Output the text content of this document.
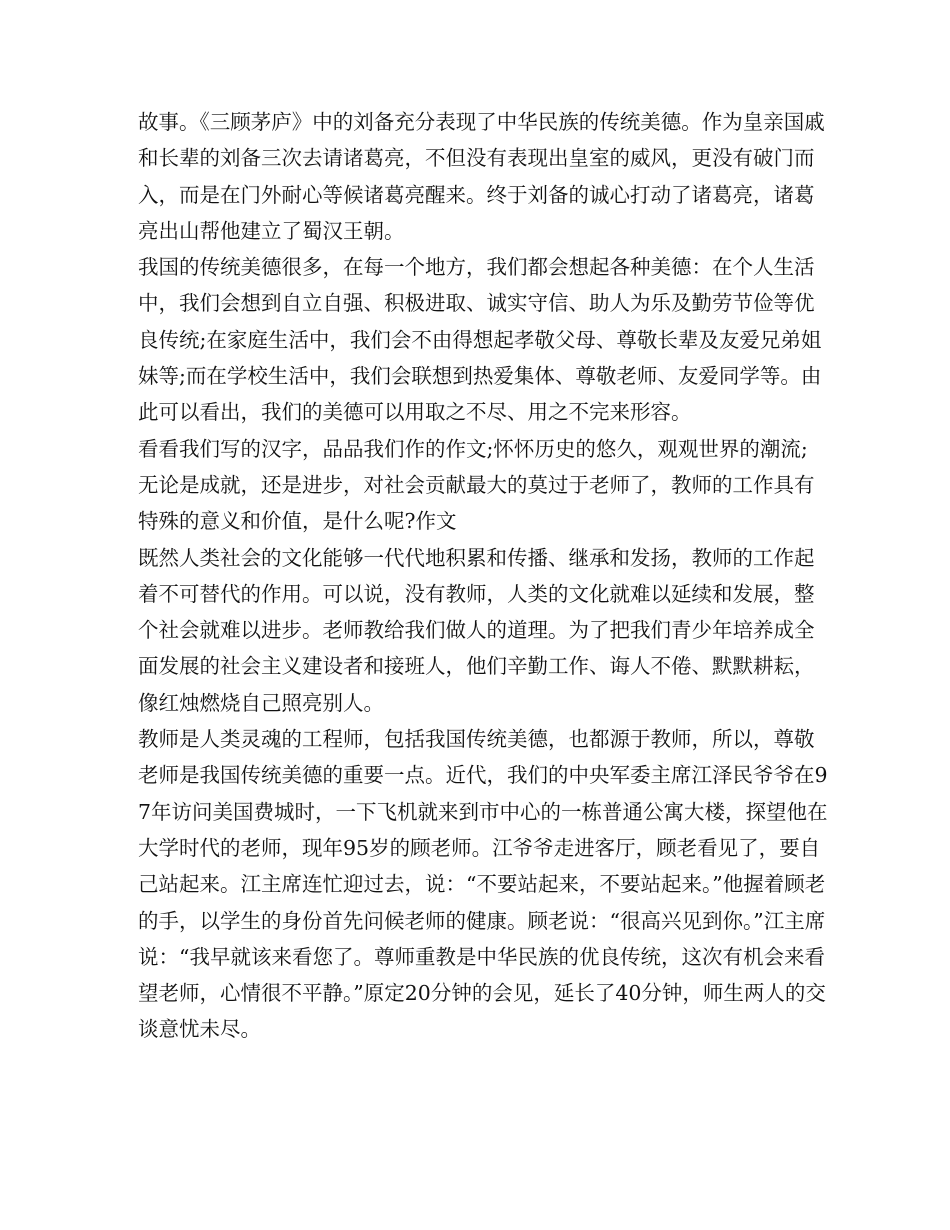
故事。《三顾茅庐》中的刘备充分表现了中华民族的传统美德。作为皇亲国戚和长辈的刘备三次去请诸葛亮，不但没有表现出皇室的威风，更没有破门而入，而是在门外耐心等候诸葛亮醒来。终于刘备的诚心打动了诸葛亮，诸葛亮出山帮他建立了蜀汉王朝。

我国的传统美德很多，在每一个地方，我们都会想起各种美德：在个人生活中，我们会想到自立自强、积极进取、诚实守信、助人为乐及勤劳节俭等优良传统;在家庭生活中，我们会不由得想起孝敬父母、尊敬长辈及友爱兄弟姐妹等;而在学校生活中，我们会联想到热爱集体、尊敬老师、友爱同学等。由此可以看出，我们的美德可以用取之不尽、用之不完来形容。

看看我们写的汉字，品品我们作的作文;怀怀历史的悠久，观观世界的潮流;无论是成就，还是进步，对社会贡献最大的莫过于老师了，教师的工作具有特殊的意义和价值，是什么呢?作文

既然人类社会的文化能够一代代地积累和传播、继承和发扬，教师的工作起着不可替代的作用。可以说，没有教师，人类的文化就难以延续和发展，整个社会就难以进步。老师教给我们做人的道理。为了把我们青少年培养成全面发展的社会主义建设者和接班人，他们辛勤工作、诲人不倦、默默耕耘，像红烛燃烧自己照亮别人。

教师是人类灵魂的工程师，包括我国传统美德，也都源于教师，所以，尊敬老师是我国传统美德的重要一点。近代，我们的中央军委主席江泽民爷爷在97年访问美国费城时，一下飞机就来到市中心的一栋普通公寓大楼，探望他在大学时代的老师，现年95岁的顾老师。江爷爷走进客厅，顾老看见了，要自己站起来。江主席连忙迎过去，说：“不要站起来，不要站起来。”他握着顾老的手，以学生的身份首先问候老师的健康。顾老说：“很高兴见到你。”江主席说：“我早就该来看您了。尊师重教是中华民族的优良传统，这次有机会来看望老师，心情很不平静。”原定20分钟的会见，延长了40分钟，师生两人的交谈意忧未尽。
